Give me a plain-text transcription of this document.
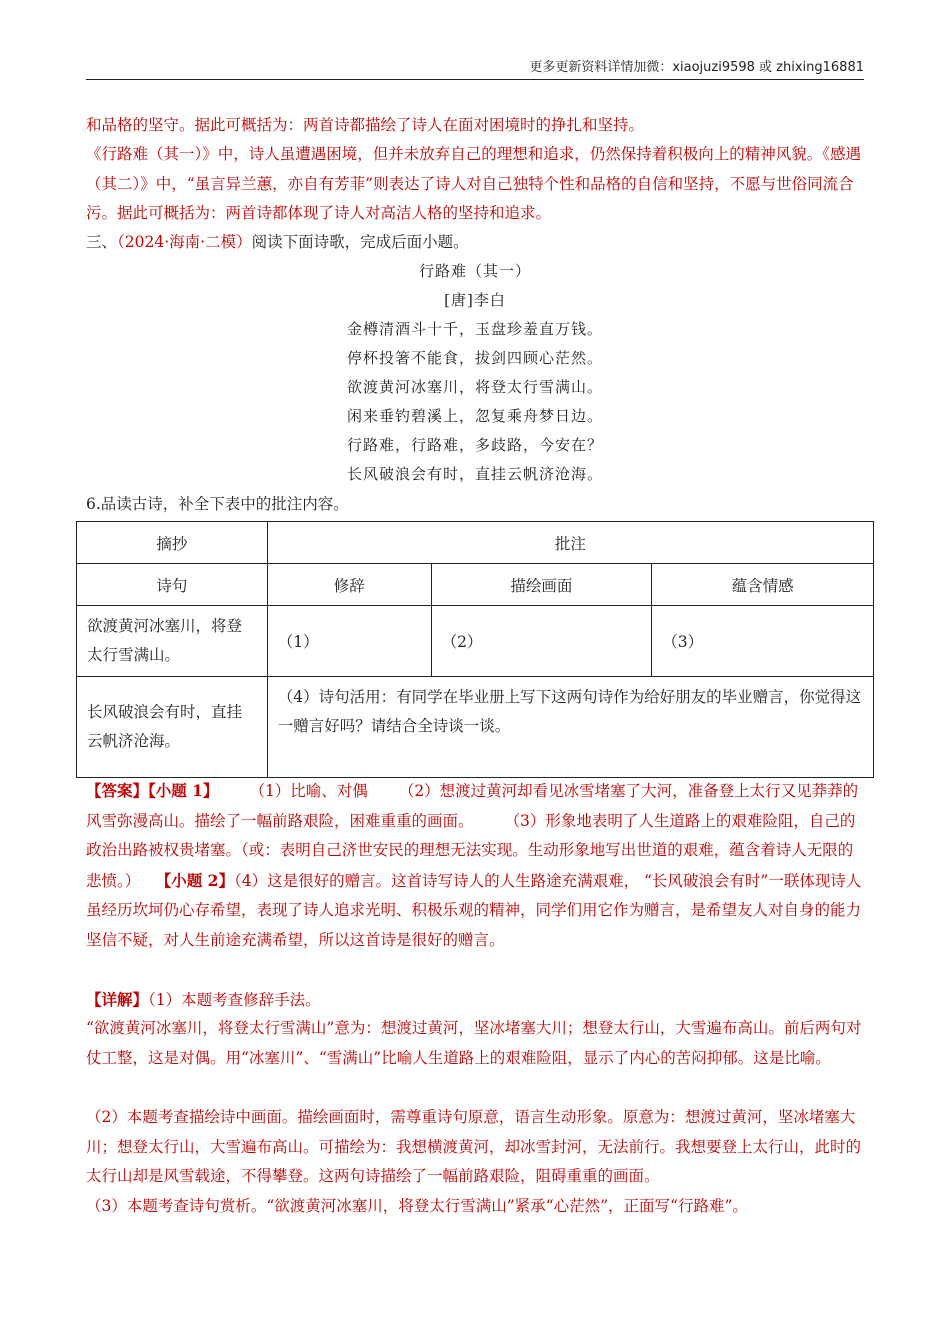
更多更新资料详情加微：xiaojuzi9598 或 zhixing16881

和品格的坚守。据此可概括为：两首诗都描绘了诗人在面对困境时的挣扎和坚持。

《行路难（其一）》中，诗人虽遭遇困境，但并未放弃自己的理想和追求，仍然保持着积极向上的精神风貌。《感遇（其二）》中，“虽言异兰蕙，亦自有芳菲”则表达了诗人对自己独特个性和品格的自信和坚持，不愿与世俗同流合污。据此可概括为：两首诗都体现了诗人对高洁人格的坚持和追求。

三、（2024·海南·二模）阅读下面诗歌，完成后面小题。

行路难（其一）
[唐]李白
金樽清酒斗十千，玉盘珍羞直万钱。
停杯投箸不能食，拔剑四顾心茫然。
欲渡黄河冰塞川，将登太行雪满山。
闲来垂钓碧溪上，忽复乘舟梦日边。
行路难，行路难，多歧路，今安在？
长风破浪会有时，直挂云帆济沧海。

6.品读古诗，补全下表中的批注内容。

摘抄	批注		
诗句	修辞	描绘画面	蕴含情感
欲渡黄河冰塞川，将登太行雪满山。	（1）	（2）	（3）
长风破浪会有时，直挂云帆济沧海。	（4）诗句活用：有同学在毕业册上写下这两句诗作为给好朋友的毕业赠言，你觉得这一赠言好吗？请结合全诗谈一谈。		
【答案】【小题 1】   （1）比喻、对偶   （2）想渡过黄河却看见冰雪堵塞了大河，准备登上太行又见莽莽的风雪弥漫高山。描绘了一幅前路艰险，困难重重的画面。   （3）形象地表明了人生道路上的艰难险阻，自己的政治出路被权贵堵塞。（或：表明自己济世安民的理想无法实现。生动形象地写出世道的艰难，蕴含着诗人无限的悲愤。）  【小题 2】（4）这是很好的赠言。这首诗写诗人的人生路途充满艰难， “长风破浪会有时”一联体现诗人 虽经历坎坷仍心存希望，表现了诗人追求光明、积极乐观的精神，同学们用它作为赠言，是希望友人对自身的能力坚信不疑，对人生前途充满希望，所以这首诗是很好的赠言。

【详解】（1）本题考查修辞手法。

“欲渡黄河冰塞川，将登太行雪满山”意为：想渡过黄河，坚冰堵塞大川；想登太行山，大雪遍布高山。前后两句对仗工整，这是对偶。用“冰塞川”、“雪满山”比喻人生道路上的艰难险阻，显示了内心的苦闷抑郁。这是比喻。

（2）本题考查描绘诗中画面。描绘画面时，需尊重诗句原意，语言生动形象。原意为：想渡过黄河，坚冰堵塞大川；想登太行山，大雪遍布高山。可描绘为：我想横渡黄河，却冰雪封河，无法前行。我想要登上太行山，此时的太行山却是风雪载途，不得攀登。这两句诗描绘了一幅前路艰险，阻碍重重的画面。

（3）本题考查诗句赏析。“欲渡黄河冰塞川，将登太行雪满山”紧承“心茫然”，正面写“行路难”。
